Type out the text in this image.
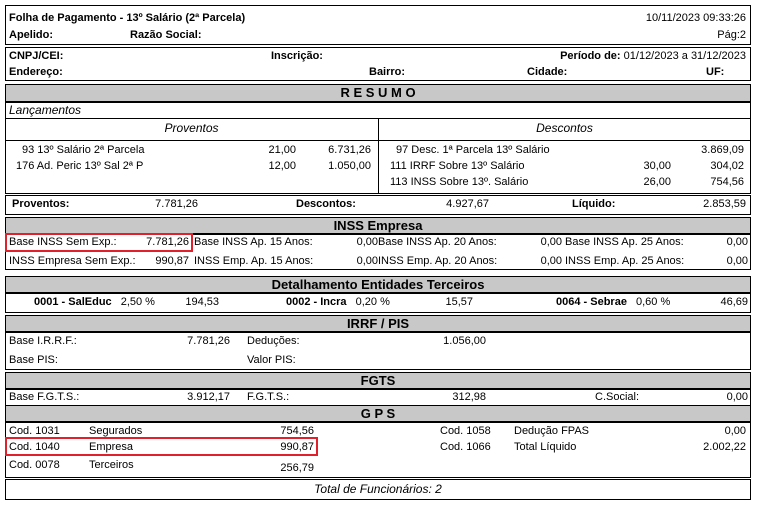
Folha de Pagamento - 13º Salário (2ª Parcela)	10/11/2023 09:33:26
Apelido:	Razão Social:	Pág:2
CNPJ/CEI:	Inscrição:	Período de: 01/12/2023 a 31/12/2023
Endereço:	Bairro:	Cidade:	UF:
R E S U M O
Lançamentos
Proventos	Descontos
93 13º Salário 2ª Parcela	21,00	6.731,26
176 Ad. Peric 13º Sal 2ª P	12,00	1.050,00
97 Desc. 1ª Parcela 13º Salário	3.869,09
111 IRRF Sobre 13º Salário	30,00	304,02
113 INSS Sobre 13º. Salário	26,00	754,56
Proventos:	7.781,26	Descontos:	4.927,67	Líquido:	2.853,59
INSS Empresa
Base INSS Sem Exp.:	7.781,26 Base INSS Ap. 15 Anos:	0,00 Base INSS Ap. 20 Anos:	0,00 Base INSS Ap. 25 Anos:	0,00
INSS Empresa Sem Exp.: 990,87 INSS Emp. Ap. 15 Anos:	0,00 INSS Emp. Ap. 20 Anos:	0,00 INSS Emp. Ap. 25 Anos:	0,00
Detalhamento Entidades Terceiros
0001 - SalEduc 2,50 %	194,53	0002 - Incra 0,20 %	15,57	0064 - Sebrae 0,60 %	46,69
IRRF / PIS
Base I.R.R.F.:	7.781,26 Deduções:	1.056,00
Base PIS:	Valor PIS:
FGTS
Base F.G.T.S.:	3.912,17 F.G.T.S.:	312,98	C.Social:	0,00
G P S
Cod. 1031	Segurados	754,56
Cod. 1040	Empresa	990,87
Cod. 0078	Terceiros	256,79
Cod. 1058 Dedução FPAS	0,00
Cod. 1066 Total Líquido	2.002,22
Total de Funcionários: 2
